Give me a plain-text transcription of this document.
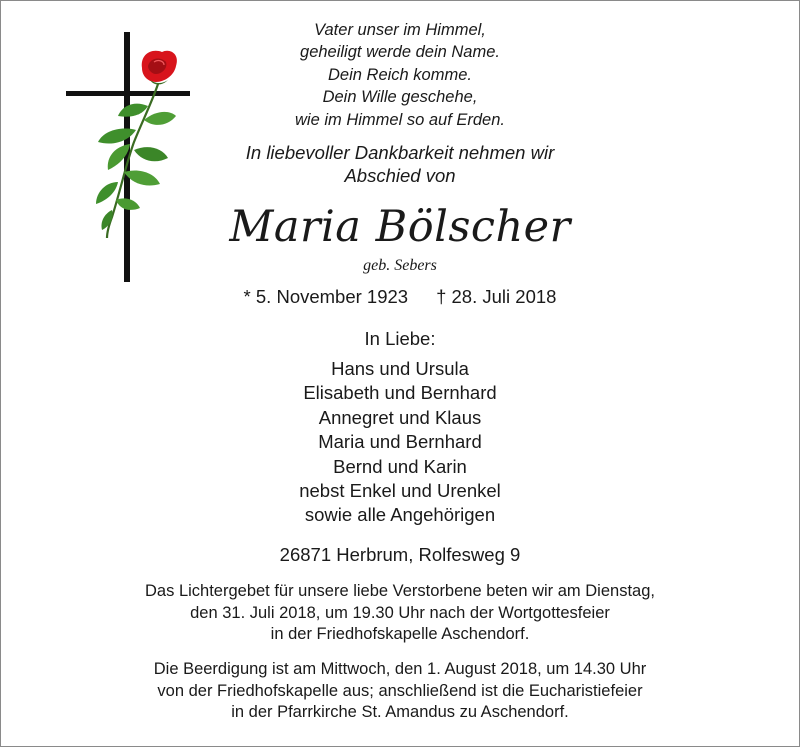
Vater unser im Himmel,
geheiligt werde dein Name.
Dein Reich komme.
Dein Wille geschehe,
wie im Himmel so auf Erden.
In liebevoller Dankbarkeit nehmen wir
Abschied von
Maria Bölscher
geb. Sebers
* 5. November 1923 † 28. Juli 2018
In Liebe:
Hans und Ursula
Elisabeth und Bernhard
Annegret und Klaus
Maria und Bernhard
Bernd und Karin
nebst Enkel und Urenkel
sowie alle Angehörigen
26871 Herbrum, Rolfesweg 9
Das Lichtergebet für unsere liebe Verstorbene beten wir am Dienstag,
den 31. Juli 2018, um 19.30 Uhr nach der Wortgottesfeier
in der Friedhofskapelle Aschendorf.
Die Beerdigung ist am Mittwoch, den 1. August 2018, um 14.30 Uhr
von der Friedhofskapelle aus; anschließend ist die Eucharistiefeier
in der Pfarrkirche St. Amandus zu Aschendorf.
